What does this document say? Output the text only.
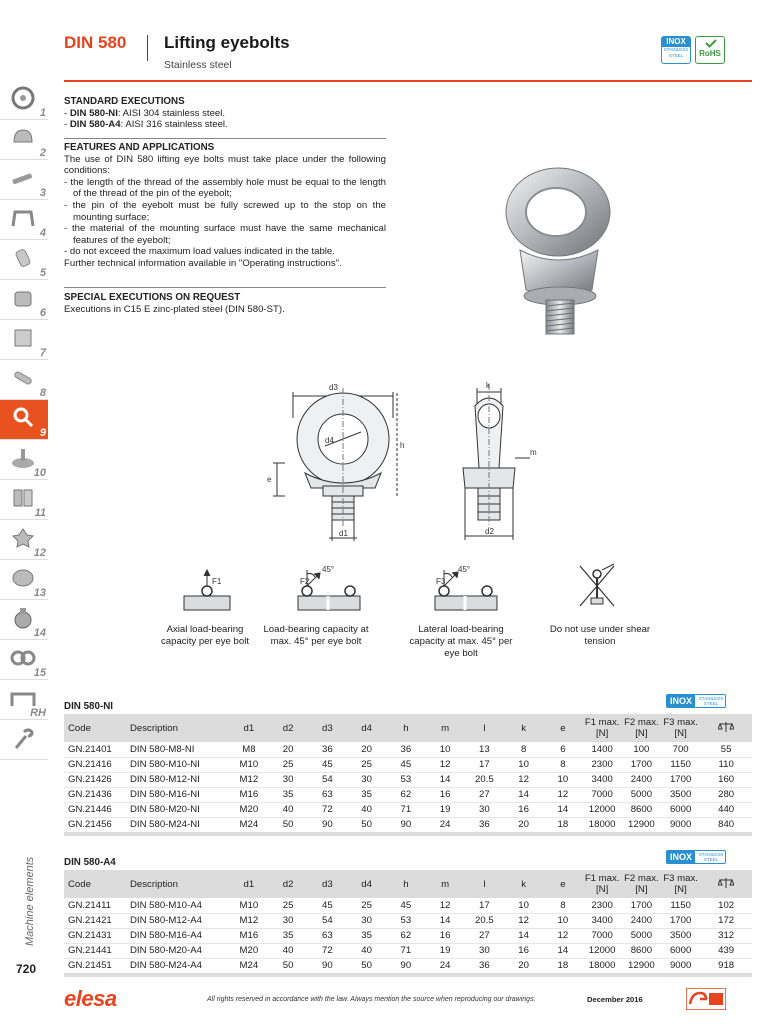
DIN 580 Lifting eyebolts
Stainless steel
INOX
STAINLESS STEEL	RoHS
1
2
3
4
5
6
7
8
9
10
11
12
13
14
15
RH
Machine elements
720
STANDARD EXECUTIONS
- DIN 580-NI: AISI 304 stainless steel.
- DIN 580-A4: AISI 316 stainless steel.
FEATURES AND APPLICATIONS
The use of DIN 580 lifting eye bolts must take place under the following conditions:
- the length of the thread of the assembly hole must be equal to the length of the thread of the pin of the eyebolt;
- the pin of the eyebolt must be fully screwed up to the stop on the mounting surface;
- the material of the mounting surface must have the same mechanical features of the eyebolt;
- do not exceed the maximum load values indicated in the table.
Further technical information available in "Operating instructions".
SPECIAL EXECUTIONS ON REQUEST
Executions in C15 E zinc-plated steel (DIN 580-ST).
d3
d4
h
e
d1
k
m
d2
F1	F2
45°
F3
45°
Axial load-bearing capacity per eye bolt
Load-bearing capacity at max. 45° per eye bolt
Lateral load-bearing capacity at max. 45° per eye bolt
Do not use under shear tension
DIN 580-NI	INOX	STAINLESS STEEL
Code	Description	d1	d2	d3	d4	h	m	l	k	e	F1 max. [N]	F2 max. [N]	F3 max. [N]	
GN.21401	DIN 580-M8-NI	M8	20	36	20	36	10	13	8	6	1400	100	700	55
GN.21416	DIN 580-M10-NI	M10	25	45	25	45	12	17	10	8	2300	1700	1150	110
GN.21426	DIN 580-M12-NI	M12	30	54	30	53	14	20.5	12	10	3400	2400	1700	160
GN.21436	DIN 580-M16-NI	M16	35	63	35	62	16	27	14	12	7000	5000	3500	280
GN.21446	DIN 580-M20-NI	M20	40	72	40	71	19	30	16	14	12000	8600	6000	440
GN.21456	DIN 580-M24-NI	M24	50	90	50	90	24	36	20	18	18000	12900	9000	840
DIN 580-A4	INOX	STAINLESS STEEL
Code	Description	d1	d2	d3	d4	h	m	l	k	e	F1 max. [N]	F2 max. [N]	F3 max. [N]	
GN.21411	DIN 580-M10-A4	M10	25	45	25	45	12	17	10	8	2300	1700	1150	102
GN.21421	DIN 580-M12-A4	M12	30	54	30	53	14	20.5	12	10	3400	2400	1700	172
GN.21431	DIN 580-M16-A4	M16	35	63	35	62	16	27	14	12	7000	5000	3500	312
GN.21441	DIN 580-M20-A4	M20	40	72	40	71	19	30	16	14	12000	8600	6000	439
GN.21451	DIN 580-M24-A4	M24	50	90	50	90	24	36	20	18	18000	12900	9000	918
elesa	All rights reserved in accordance with the law. Always mention the source when reproducing our drawings.	December 2016
